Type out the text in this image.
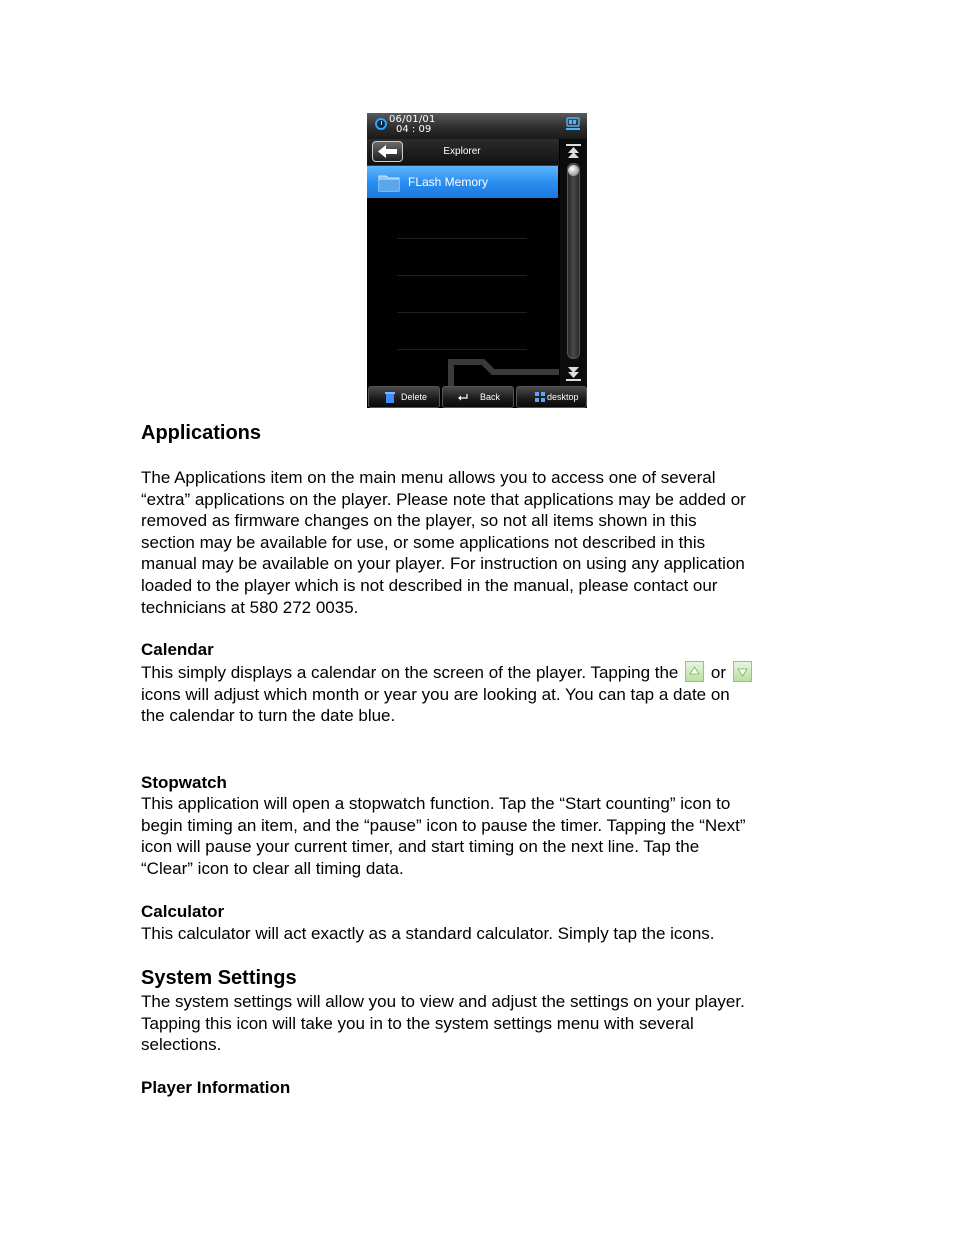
06/01/01
04 : 09
Explorer
FLash Memory
Delete	Back	desktop
Applications

The Applications item on the main menu allows you to access one of several

“extra” applications on the player. Please note that applications may be added or

removed as firmware changes on the player, so not all items shown in this

section may be available for use, or some applications not described in this

manual may be available on your player. For instruction on using any application

loaded to the player which is not described in the manual, please contact our

technicians at 580 272 0035.

Calendar

This simply displays a calendar on the screen of the player. Tapping the or

icons will adjust which month or year you are looking at. You can tap a date on

the calendar to turn the date blue.

Stopwatch

This application will open a stopwatch function. Tap the “Start counting” icon to

begin timing an item, and the “pause” icon to pause the timer. Tapping the “Next”

icon will pause your current timer, and start timing on the next line. Tap the

“Clear” icon to clear all timing data.

Calculator

This calculator will act exactly as a standard calculator. Simply tap the icons.

System Settings

The system settings will allow you to view and adjust the settings on your player.

Tapping this icon will take you in to the system settings menu with several

selections.

Player Information
